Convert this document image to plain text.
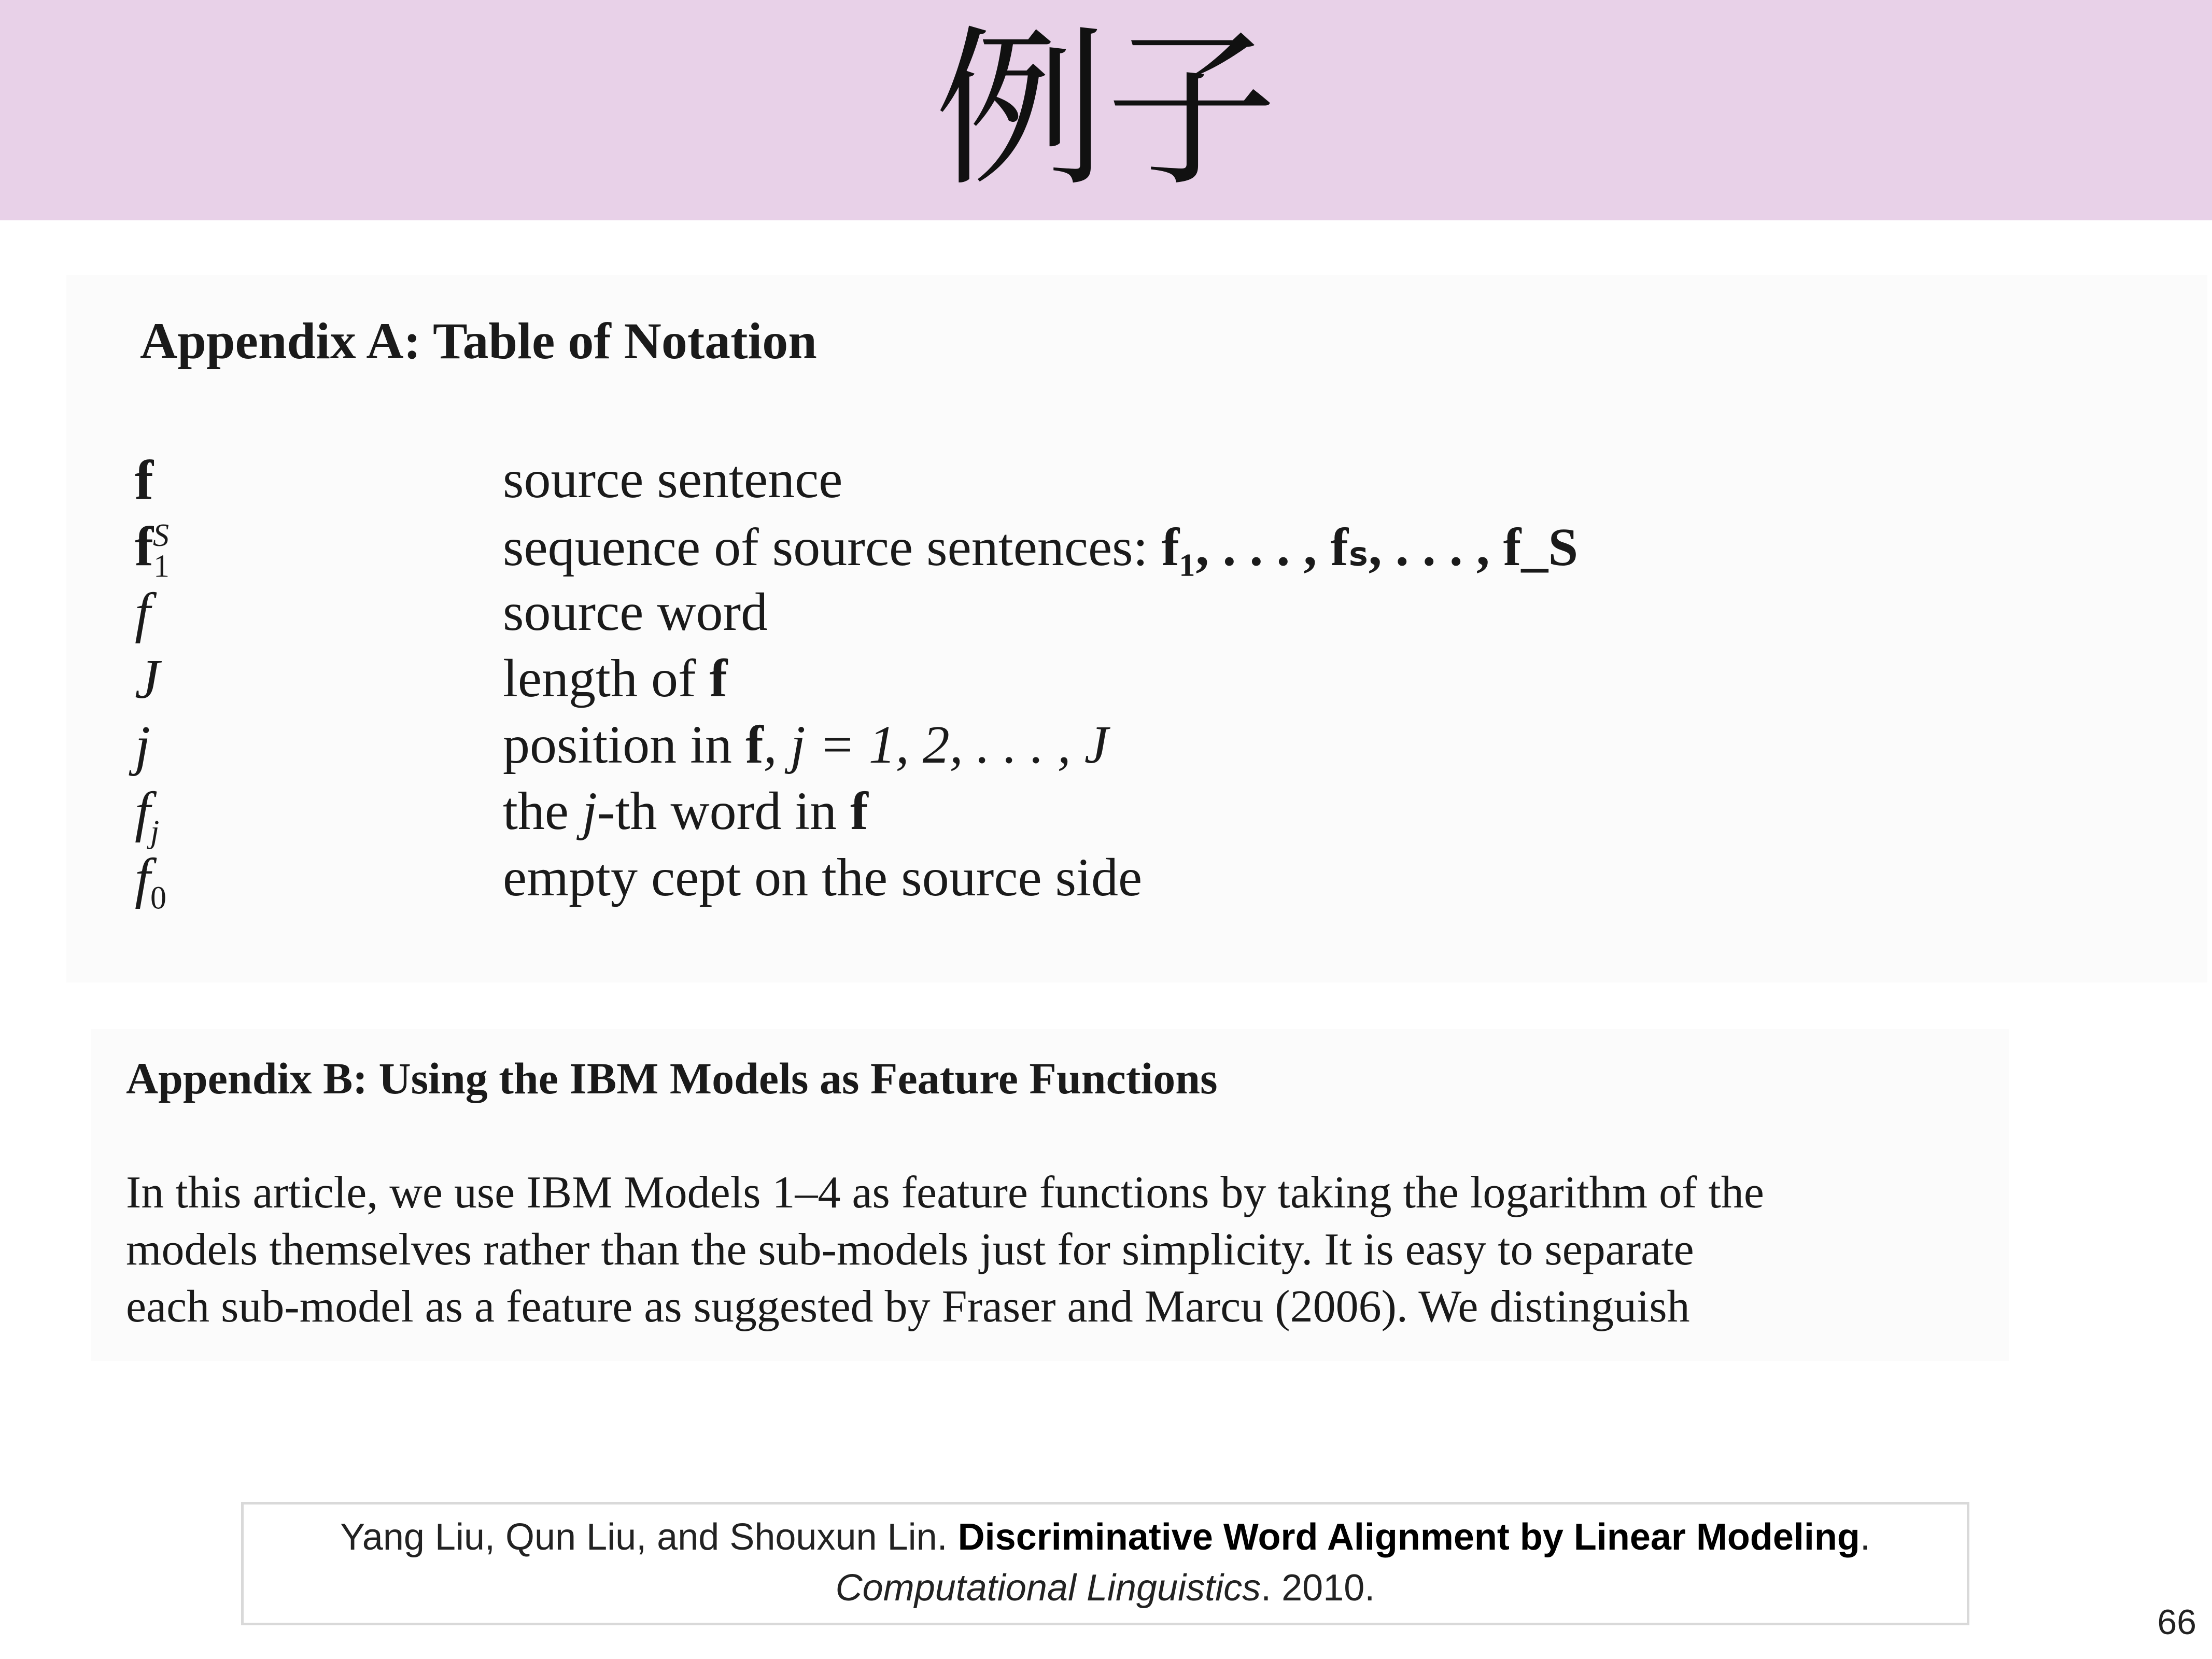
例子
Appendix A: Table of Notation
f	source sentence
$f_1^S$	sequence of source sentences: f₁, . . . , fₛ, . . . , f_S
f	source word
J	length of f
j	position in f, j = 1, 2, . . . , J
$f_j$	the j-th word in f
$f_0$	empty cept on the source side
Appendix B: Using the IBM Models as Feature Functions
In this article, we use IBM Models 1–4 as feature functions by taking the logarithm of the
models themselves rather than the sub-models just for simplicity. It is easy to separate
each sub-model as a feature as suggested by Fraser and Marcu (2006). We distinguish
Yang Liu, Qun Liu, and Shouxun Lin. Discriminative Word Alignment by Linear Modeling.
Computational Linguistics. 2010.
66
